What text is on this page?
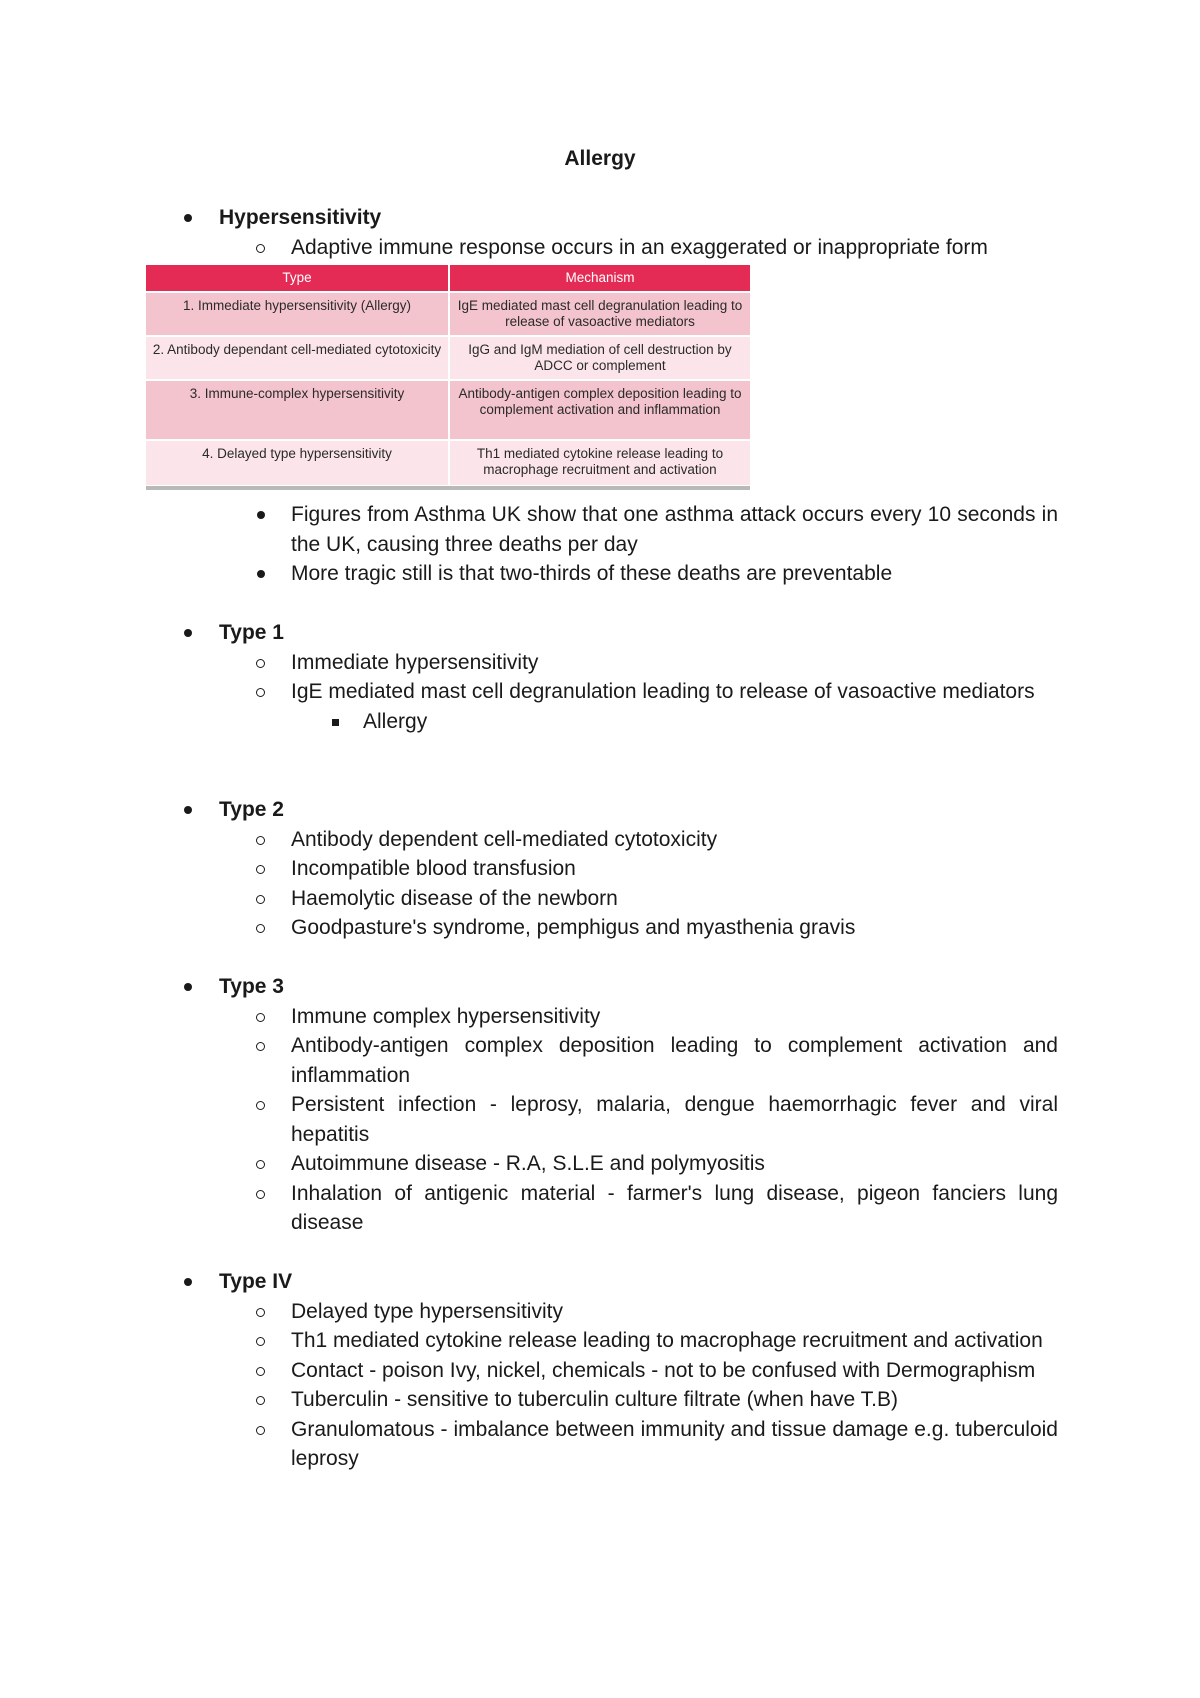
Allergy
Hypersensitivity
Adaptive immune response occurs in an exaggerated or inappropriate form
Type	Mechanism
1. Immediate hypersensitivity (Allergy)	IgE mediated mast cell degranulation leading to release of vasoactive mediators
2. Antibody dependant cell-mediated cytotoxicity	IgG and IgM mediation of cell destruction by ADCC or complement
3. Immune-complex hypersensitivity	Antibody-antigen complex deposition leading to complement activation and inflammation
4. Delayed type hypersensitivity	Th1 mediated cytokine release leading to macrophage recruitment and activation
Figures from Asthma UK show that one asthma attack occurs every 10 seconds in the UK, causing three deaths per day
More tragic still is that two-thirds of these deaths are preventable
Type 1
Immediate hypersensitivity
IgE mediated mast cell degranulation leading to release of vasoactive mediators
Allergy
Type 2
Antibody dependent cell-mediated cytotoxicity
Incompatible blood transfusion
Haemolytic disease of the newborn
Goodpasture's syndrome, pemphigus and myasthenia gravis
Type 3
Immune complex hypersensitivity
Antibody-antigen complex deposition leading to complement activation and inflammation
Persistent infection - leprosy, malaria, dengue haemorrhagic fever and viral hepatitis
Autoimmune disease - R.A, S.L.E and polymyositis
Inhalation of antigenic material - farmer's lung disease, pigeon fanciers lung disease
Type IV
Delayed type hypersensitivity
Th1 mediated cytokine release leading to macrophage recruitment and activation
Contact - poison Ivy, nickel, chemicals - not to be confused with Dermographism
Tuberculin - sensitive to tuberculin culture filtrate (when have T.B)
Granulomatous - imbalance between immunity and tissue damage e.g. tuberculoid leprosy
